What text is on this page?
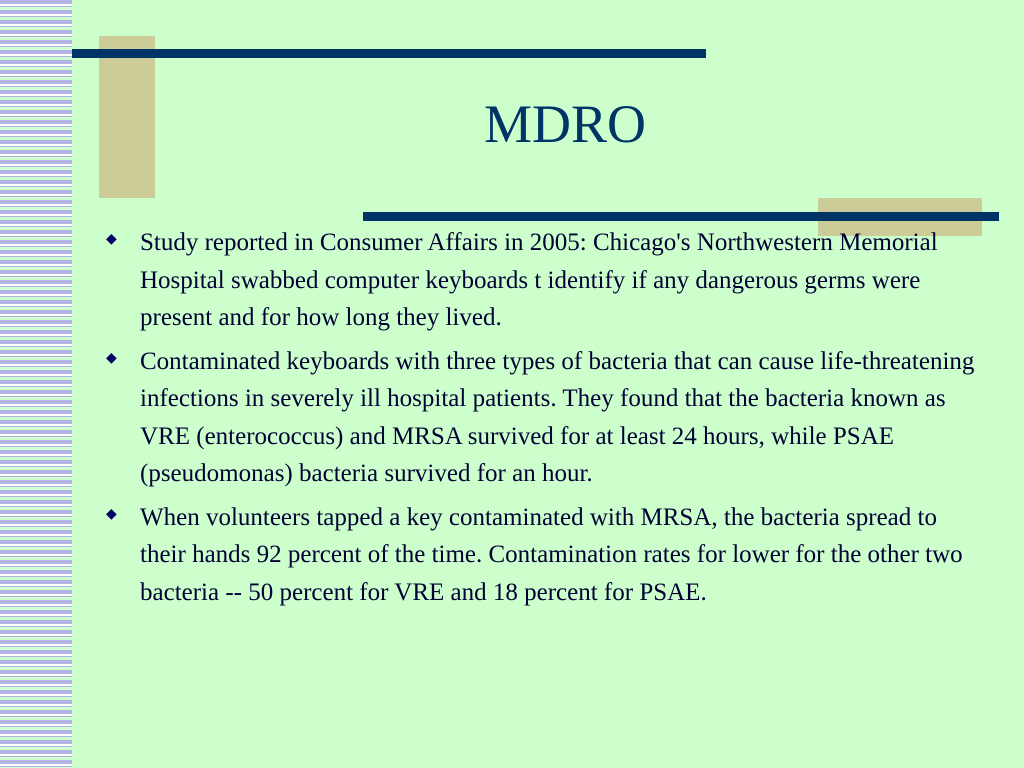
MDRO
◆ Study reported in Consumer Affairs in 2005: Chicago's Northwestern Memorial Hospital swabbed computer keyboards t identify if any dangerous germs were present and for how long they lived.
◆ Contaminated keyboards with three types of bacteria that can cause life-threatening infections in severely ill hospital patients. They found that the bacteria known as VRE (enterococcus) and MRSA survived for at least 24 hours, while PSAE (pseudomonas) bacteria survived for an hour.
◆ When volunteers tapped a key contaminated with MRSA, the bacteria spread to their hands 92 percent of the time. Contamination rates for lower for the other two bacteria -- 50 percent for VRE and 18 percent for PSAE.
